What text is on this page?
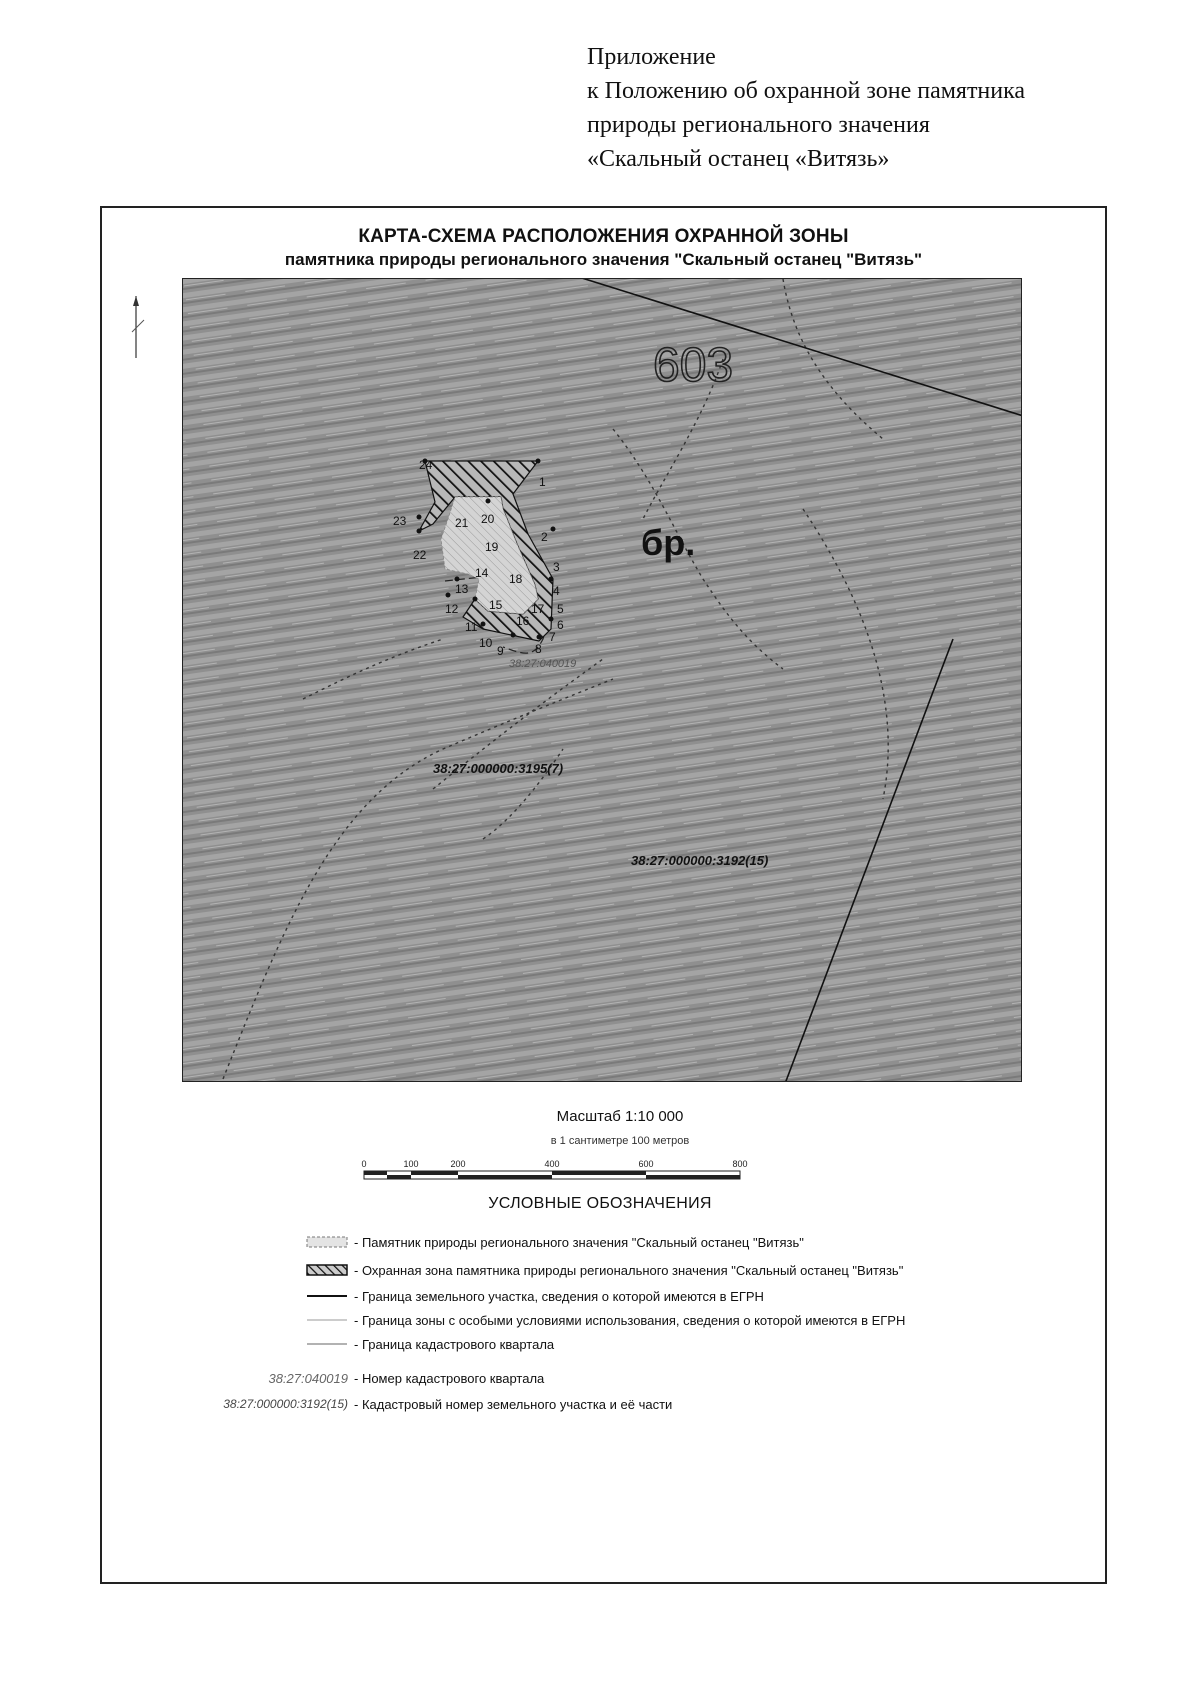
Приложение
к Положению об охранной зоне памятника
природы регионального значения
«Скальный останец «Витязь»
КАРТА-СХЕМА РАСПОЛОЖЕНИЯ ОХРАННОЙ ЗОНЫ
памятника природы регионального значения "Скальный останец "Витязь"
1
2
3
4
5
6
7
8
9
10
11
12
13
14
15
16
17
18
19
20
21
22
23
24
603
бр.
38:27:040019
38:27:000000:3195(7)
38:27:000000:3192(15)
Масштаб 1:10 000
в 1 сантиметре 100 метров
0	100	200	400	600	800
УСЛОВНЫЕ ОБОЗНАЧЕНИЯ
- Памятник природы регионального значения "Скальный останец "Витязь"
- Охранная зона памятника природы регионального значения "Скальный останец "Витязь"
- Граница земельного участка, сведения о которой имеются в ЕГРН
- Граница зоны с особыми условиями использования, сведения о которой имеются в ЕГРН
- Граница кадастрового квартала
38:27:040019 - Номер кадастрового квартала
38:27:000000:3192(15) - Кадастровый номер земельного участка и её части
